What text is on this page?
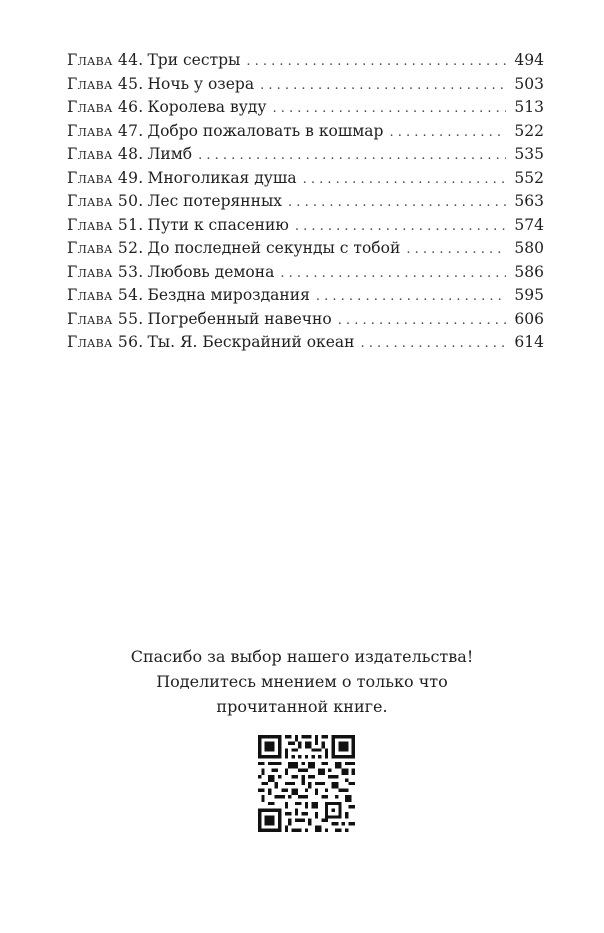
Глава 44. Три сестры . . .	494
Глава 45. Ночь у озера . . .	503
Глава 46. Королева вуду . . .	513
Глава 47. Добро пожаловать в кошмар . . .	522
Глава 48. Лимб . . .	535
Глава 49. Многоликая душа . . .	552
Глава 50. Лес потерянных . . .	563
Глава 51. Пути к спасению . . .	574
Глава 52. До последней секунды с тобой . . .	580
Глава 53. Любовь демона . . .	586
Глава 54. Бездна мироздания . . .	595
Глава 55. Погребенный навечно . . .	606
Глава 56. Ты. Я. Бескрайний океан . . .	614
Спасибо за выбор нашего издательства!
Поделитесь мнением о только что
прочитанной книге.
